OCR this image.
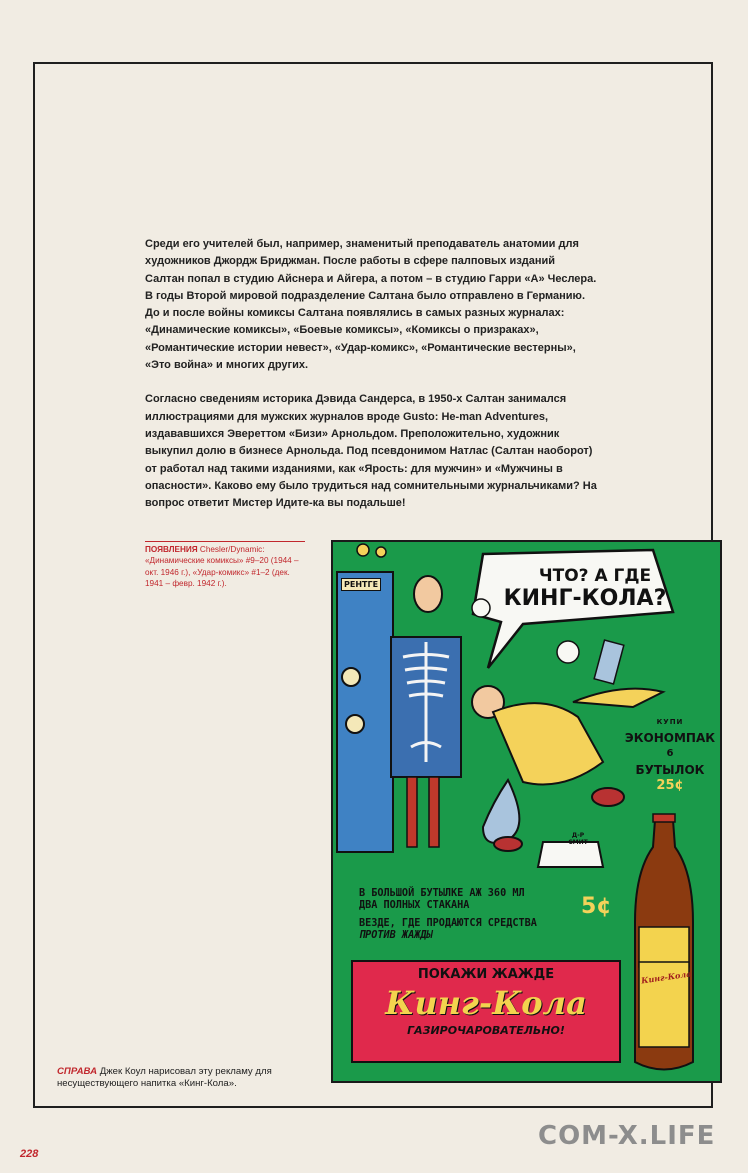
Среди его учителей был, например, знаменитый преподаватель анатомии для
художников Джордж Бриджман. После работы в сфере палповых изданий
Салтан попал в студию Айснера и Айгера, а потом – в студию Гарри «А» Чеслера.
В годы Второй мировой подразделение Салтана было отправлено в Германию.
До и после войны комиксы Салтана появлялись в самых разных журналах:
«Динамические комиксы», «Боевые комиксы», «Комиксы о призраках»,
«Романтические истории невест», «Удар-комикс», «Романтические вестерны»,
«Это война» и многих других.

Согласно сведениям историка Дэвида Сандерса, в 1950-х Салтан занимался
иллюстрациями для мужских журналов вроде Gusto: He-man Adventures,
издававшихся Эвереттом «Бизи» Арнольдом. Преположительно, художник
выкупил долю в бизнесе Арнольда. Под псевдонимом Натлас (Салтан наоборот)
от работал над такими изданиями, как «Ярость: для мужчин» и «Мужчины в
опасности». Каково ему было трудиться над сомнительными журнальчиками? На
вопрос ответит Мистер Идите-ка вы подальше!

ПОЯВЛЕНИЯ Chesler/Dynamic: «Динамические комиксы» #9–20 (1944 – окт. 1946 г.), «Удар-комикс» #1–2 (дек. 1941 – февр. 1942 г.).	РЕНТГЕ	ЧТО? А ГДЕ
КИНГ-КОЛА?
КУПИ
ЭКОНОМПАК
6
БУТЫЛОК
25¢
Д-Р СМИТ
В БОЛЬШОЙ БУТЫЛКЕ АЖ 360 МЛ
ДВА ПОЛНЫХ СТАКАНА
ВЕЗДЕ, ГДЕ ПРОДАЮТСЯ СРЕДСТВА
ПРОТИВ ЖАЖДЫ
5¢
ПОКАЖИ ЖАЖДЕ
Кинг-Кола
ГАЗИРОЧАРОВАТЕЛЬНО!
Кинг-Кола
СПРАВА Джек Коул нарисовал эту рекламу для несуществующего напитка «Кинг-Кола».
228
COM-X.LIFE
